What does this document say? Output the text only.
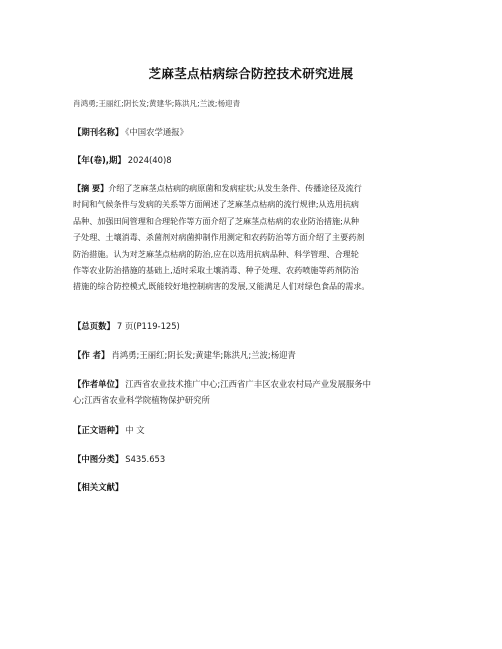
芝麻茎点枯病综合防控技术研究进展
肖鸿勇;王丽红;阴长发;黄建华;陈洪凡;兰波;杨迎青
【期刊名称】 《中国农学通报》
【年(卷),期】 2024(40)8
【摘 要】介绍了芝麻茎点枯病的病原菌和发病症状;从发生条件、传播途径及流行
时间和气候条件与发病的关系等方面阐述了芝麻茎点枯病的流行规律;从选用抗病
品种、加强田间管理和合理轮作等方面介绍了芝麻茎点枯病的农业防治措施;从种
子处理、土壤消毒、杀菌剂对病菌抑制作用测定和农药防治等方面介绍了主要药剂
防治措施。认为对芝麻茎点枯病的防治,应在以选用抗病品种、科学管理、合理轮
作等农业防治措施的基础上,适时采取土壤消毒、种子处理、农药喷施等药剂防治
措施的综合防控模式,既能较好地控制病害的发展,又能满足人们对绿色食品的需求。
【总页数】 7 页(P119-125)
【作 者】 肖鸿勇;王丽红;阴长发;黄建华;陈洪凡;兰波;杨迎青
【作者单位】 江西省农业技术推广中心;江西省广丰区农业农村局产业发展服务中
心;江西省农业科学院植物保护研究所
【正文语种】 中 文
【中图分类】 S435.653
【相关文献】
